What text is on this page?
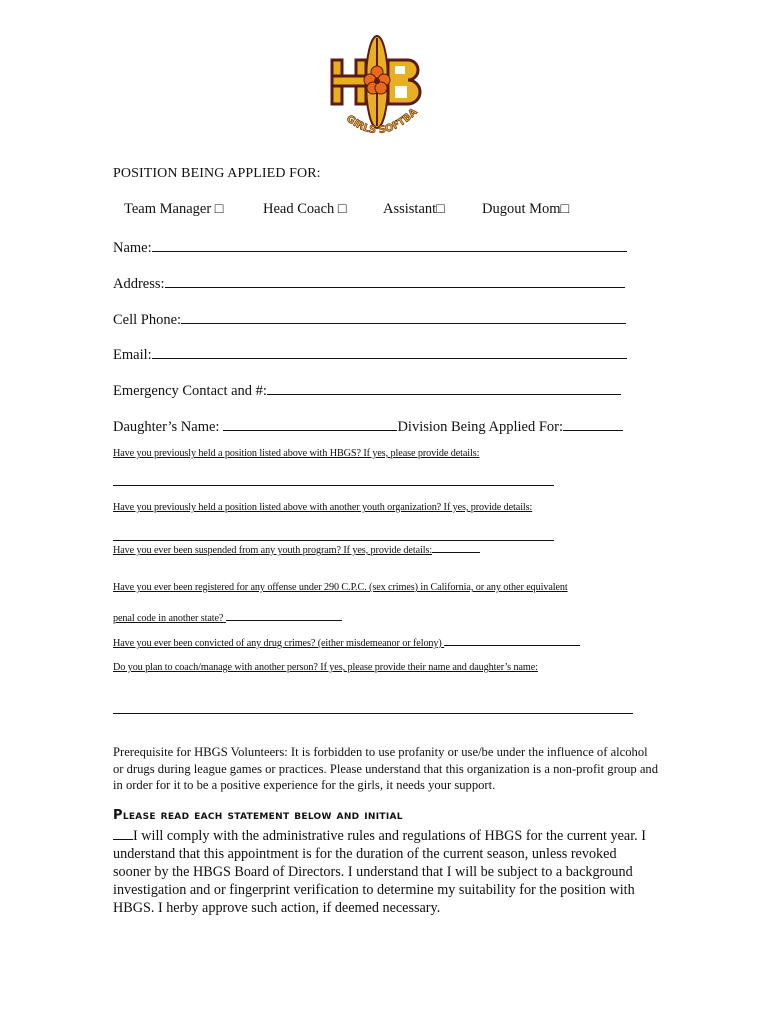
GIRLS SOFTBA
POSITION BEING APPLIED FOR:
Team Manager □	Head Coach □	Assistant□	Dugout Mom□
Name:
Address:
Cell Phone:
Email:
Emergency Contact and #:
Daughter’s Name:	Division Being Applied For:
Have you previously held a position listed above with HBGS? If yes, please provide details:
Have you previously held a position listed above with another youth organization? If yes, provide details:
Have you ever been suspended from any youth program? If yes, provide details:
Have you ever been registered for any offense under 290 C.P.C. (sex crimes) in California, or any other equivalent
penal code in another state?
Have you ever been convicted of any drug crimes? (either misdemeanor or felony)
Do you plan to coach/manage with another person? If yes, please provide their name and daughter’s name:
Prerequisite for HBGS Volunteers: It is forbidden to use profanity or use/be under the influence of alcohol or drugs during league games or practices. Please understand that this organization is a non-profit group and in order for it to be a positive experience for the girls, it needs your support.
Please read each statement below and initial
I will comply with the administrative rules and regulations of HBGS for the current year. I understand that this appointment is for the duration of the current season, unless revoked sooner by the HBGS Board of Directors. I understand that I will be subject to a background investigation and or fingerprint verification to determine my suitability for the position with HBGS. I herby approve such action, if deemed necessary.
